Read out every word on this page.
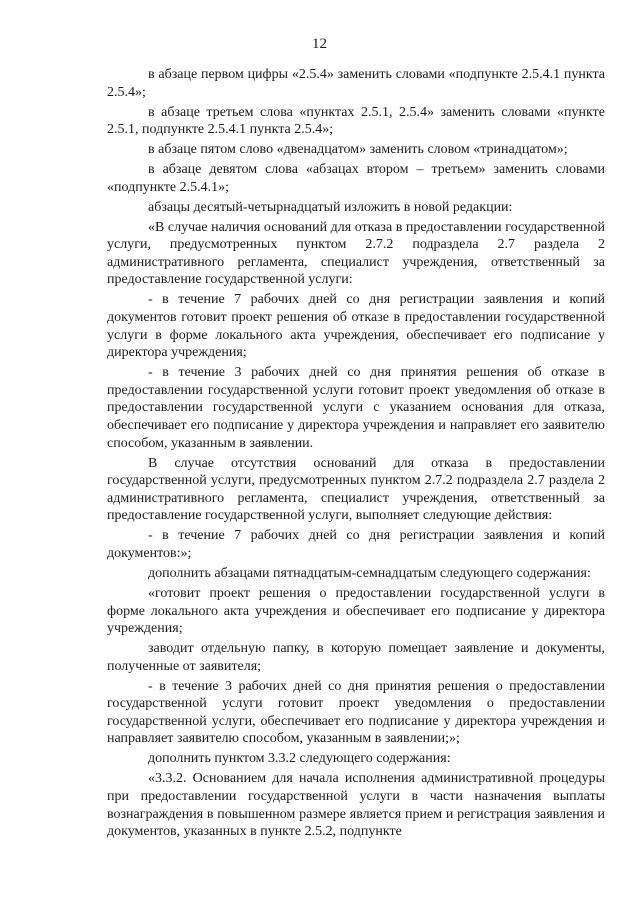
12

в абзаце первом цифры «2.5.4» заменить словами «подпункте 2.5.4.1 пункта 2.5.4»;

в абзаце третьем слова «пунктах 2.5.1, 2.5.4» заменить словами «пункте 2.5.1, подпункте 2.5.4.1 пункта 2.5.4»;

в абзаце пятом слово «двенадцатом» заменить словом «тринадцатом»;

в абзаце девятом слова «абзацах втором – третьем» заменить словами «подпункте 2.5.4.1»;

абзацы десятый-четырнадцатый изложить в новой редакции:

«В случае наличия оснований для отказа в предоставлении государственной услуги, предусмотренных пунктом 2.7.2 подраздела 2.7 раздела 2 административного регламента, специалист учреждения, ответственный за предоставление государственной услуги:

- в течение 7 рабочих дней со дня регистрации заявления и копий документов готовит проект решения об отказе в предоставлении государственной услуги в форме локального акта учреждения, обеспечивает его подписание у директора учреждения;

- в течение 3 рабочих дней со дня принятия решения об отказе в предоставлении государственной услуги готовит проект уведомления об отказе в предоставлении государственной услуги с указанием основания для отказа, обеспечивает его подписание у директора учреждения и направляет его заявителю способом, указанным в заявлении.

В случае отсутствия оснований для отказа в предоставлении государственной услуги, предусмотренных пунктом 2.7.2 подраздела 2.7 раздела 2 административного регламента, специалист учреждения, ответственный за предоставление государственной услуги, выполняет следующие действия:

- в течение 7 рабочих дней со дня регистрации заявления и копий документов:»;

дополнить абзацами пятнадцатым-семнадцатым следующего содержания:

«готовит проект решения о предоставлении государственной услуги в форме локального акта учреждения и обеспечивает его подписание у директора учреждения;

заводит отдельную папку, в которую помещает заявление и документы, полученные от заявителя;

- в течение 3 рабочих дней со дня принятия решения о предоставлении государственной услуги готовит проект уведомления о предоставлении государственной услуги, обеспечивает его подписание у директора учреждения и направляет заявителю способом, указанным в заявлении;»;

дополнить пунктом 3.3.2 следующего содержания:

«3.3.2. Основанием для начала исполнения административной процедуры при предоставлении государственной услуги в части назначения выплаты вознаграждения в повышенном размере является прием и регистрация заявления и документов, указанных в пункте 2.5.2, подпункте
